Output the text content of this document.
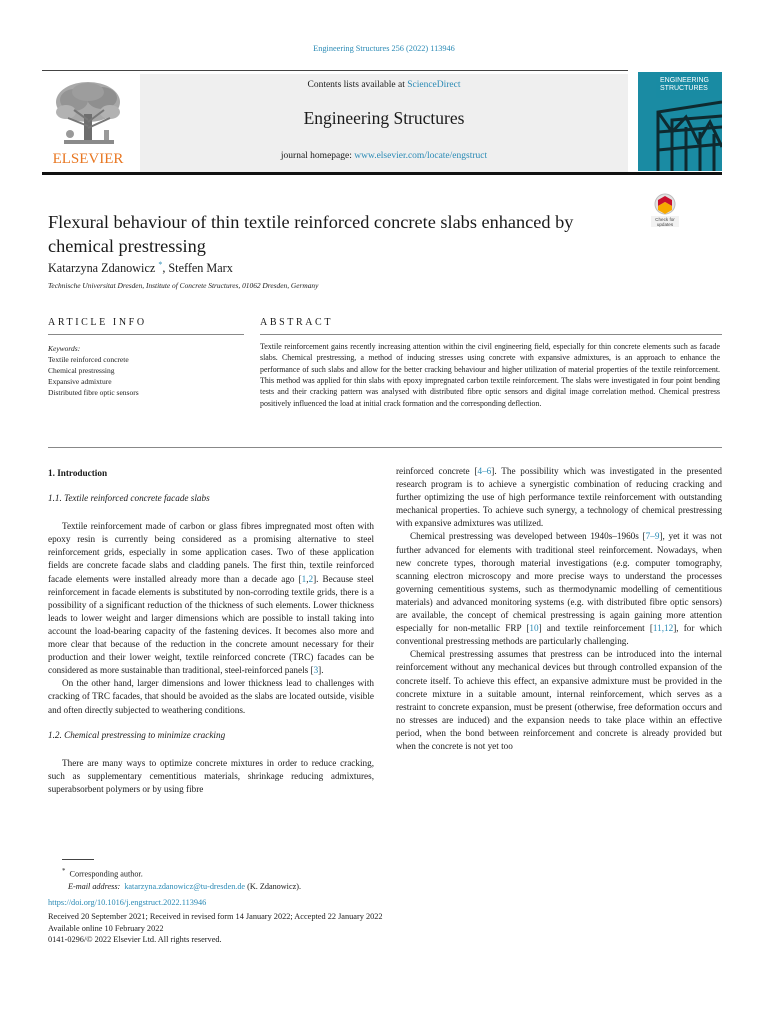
Engineering Structures 256 (2022) 113946
ELSEVIER
Contents lists available at ScienceDirect
Engineering Structures
journal homepage: www.elsevier.com/locate/engstruct
ENGINEERING
STRUCTURES
Flexural behaviour of thin textile reinforced concrete slabs enhanced by chemical prestressing
Check for
updates
Katarzyna Zdanowicz *, Steffen Marx
Technische Universitat Dresden, Institute of Concrete Structures, 01062 Dresden, Germany
ARTICLE INFO	ABSTRACT
Keywords:
Textile reinforced concrete
Chemical prestressing
Expansive admixture
Distributed fibre optic sensors
Textile reinforcement gains recently increasing attention within the civil engineering field, especially for thin concrete elements such as facade slabs. Chemical prestressing, a method of inducing stresses using concrete with expansive admixtures, is an approach to enhance the performance of such slabs and allow for the better cracking behaviour and higher utilization of material properties of the textile reinforcement. This method was applied for thin slabs with epoxy impregnated carbon textile reinforcement. The slabs were investigated in four point bending tests and their cracking pattern was analysed with distributed fibre optic sensors and digital image correlation method. Chemical prestress positively influenced the load at initial crack formation and the corresponding deflection.
1. Introduction
1.1. Textile reinforced concrete facade slabs

Textile reinforcement made of carbon or glass fibres impregnated most often with epoxy resin is currently being considered as a promising alternative to steel reinforcement grids, especially in some application cases. Two of these application fields are concrete facade slabs and cladding panels. The first thin, textile reinforced facade elements were installed already more than a decade ago [1,2]. Because steel reinforcement in facade elements is substituted by non-corroding textile grids, there is a possibility of a significant reduction of the thickness of such elements. Lower thickness leads to lower weight and larger dimensions which are possible to install taking into account the load-bearing capacity of the fastening devices. It becomes also more and more clear that because of the reduction in the concrete amount necessary for their production and their lower weight, textile reinforced concrete (TRC) facades can be considered as more sustainable than traditional, steel-reinforced panels [3].

On the other hand, larger dimensions and lower thickness lead to challenges with cracking of TRC facades, that should be avoided as the slabs are located outside, visible and often directly subjected to weathering conditions.

1.2. Chemical prestressing to minimize cracking

There are many ways to optimize concrete mixtures in order to reduce cracking, such as supplementary cementitious materials, shrinkage reducing admixtures, superabsorbent polymers or by using fibre

reinforced concrete [4–6]. The possibility which was investigated in the presented research program is to achieve a synergistic combination of reducing cracking and further optimizing the use of high performance textile reinforcement with outstanding mechanical properties. To achieve such synergy, a technology of chemical prestressing with expansive admixtures was utilized.

Chemical prestressing was developed between 1940s–1960s [7–9], yet it was not further advanced for elements with traditional steel reinforcement. Nowadays, when new concrete types, thorough material investigations (e.g. computer tomography, scanning electron microscopy and more precise ways to understand the processes governing cementitious systems, such as thermodynamic modelling of cementitious materials) and advanced monitoring systems (e.g. with distributed fibre optic sensors) are available, the concept of chemical prestressing is again gaining more attention especially for non-metallic FRP [10] and textile reinforcement [11,12], for which conventional prestressing methods are particularly challenging.

Chemical prestressing assumes that prestress can be introduced into the internal reinforcement without any mechanical devices but through controlled expansion of the concrete itself. To achieve this effect, an expansive admixture must be provided in the concrete mixture in a suitable amount, internal reinforcement, which serves as a restraint to concrete expansion, must be present (otherwise, free deformation occurs and no stresses are induced) and the expansion needs to take place within an effective period, when the bond between reinforcement and concrete is already provided but when the concrete is not yet too

* Corresponding author.
E-mail address: katarzyna.zdanowicz@tu-dresden.de (K. Zdanowicz).
https://doi.org/10.1016/j.engstruct.2022.113946
Received 20 September 2021; Received in revised form 14 January 2022; Accepted 22 January 2022
Available online 10 February 2022
0141-0296/© 2022 Elsevier Ltd. All rights reserved.
